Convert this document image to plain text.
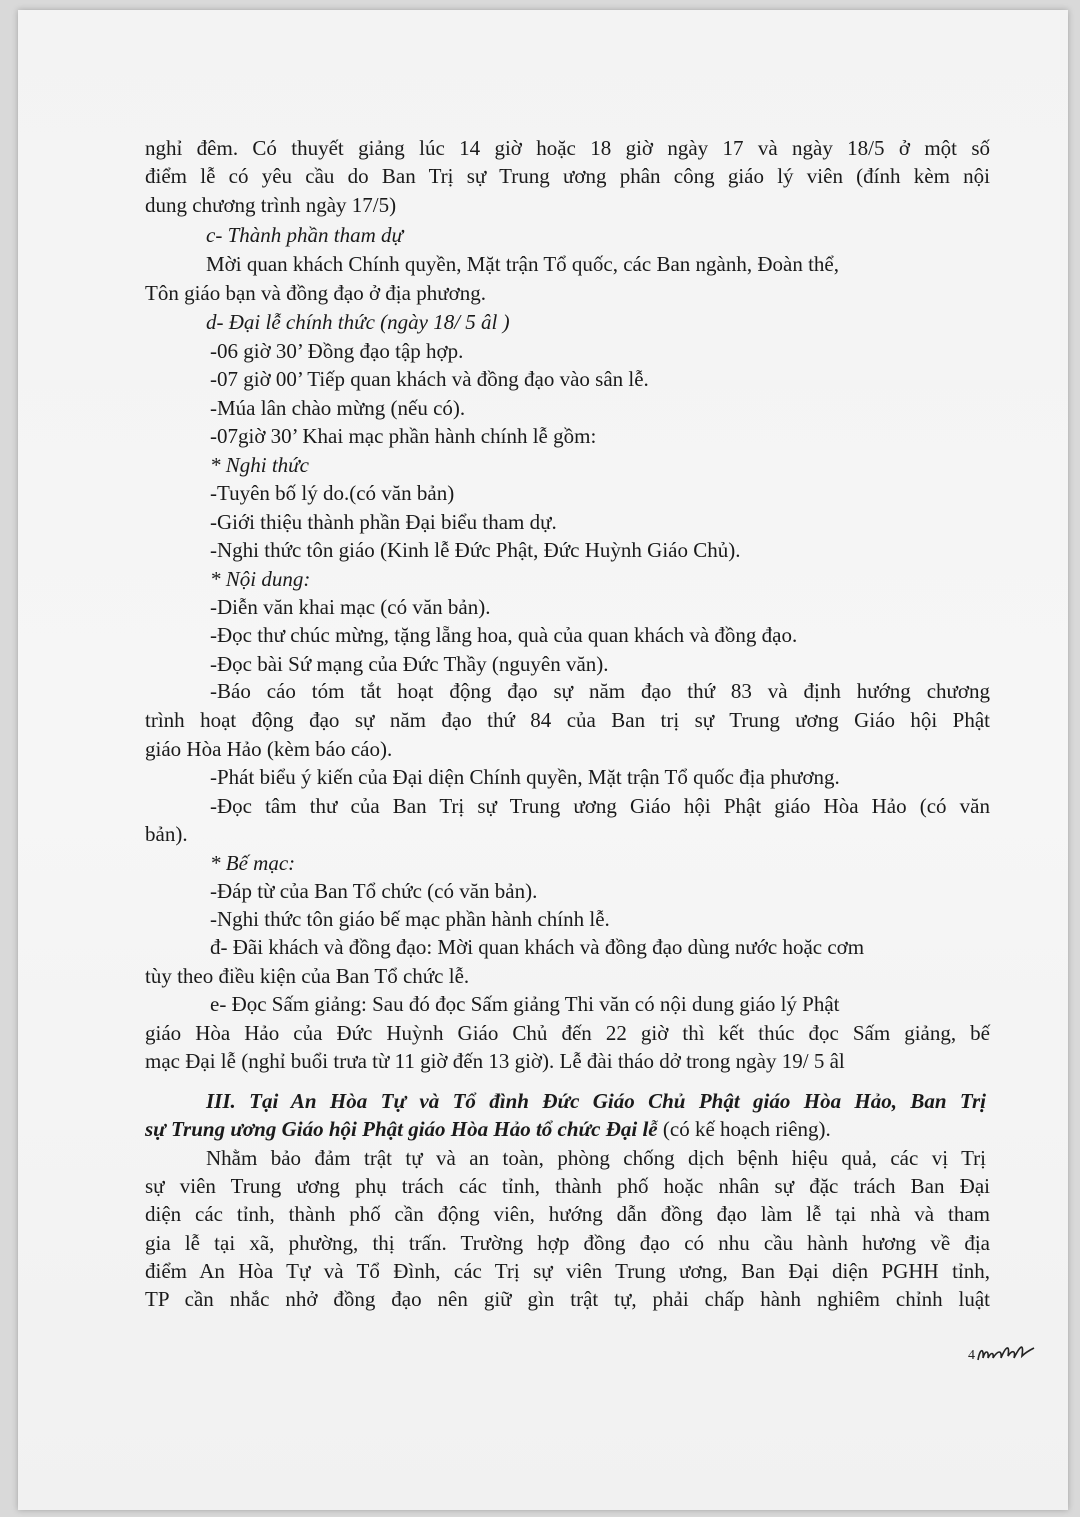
nghỉ đêm. Có thuyết giảng lúc 14 giờ hoặc 18 giờ ngày 17 và ngày 18/5 ở một số
điểm lễ có yêu cầu do Ban Trị sự Trung ương phân công giáo lý viên (đính kèm nội
dung chương trình ngày 17/5)
c- Thành phần tham dự
Mời quan khách Chính quyền, Mặt trận Tổ quốc, các Ban ngành, Đoàn thể,
Tôn giáo bạn và đồng đạo ở địa phương.
d- Đại lễ chính thức (ngày 18/ 5 âl )
-06 giờ 30’ Đồng đạo tập hợp.
-07 giờ 00’ Tiếp quan khách và đồng đạo vào sân lễ.
-Múa lân chào mừng (nếu có).
-07giờ 30’ Khai mạc phần hành chính lễ gồm:
* Nghi thức
-Tuyên bố lý do.(có văn bản)
-Giới thiệu thành phần Đại biểu tham dự.
-Nghi thức tôn giáo (Kinh lễ Đức Phật, Đức Huỳnh Giáo Chủ).
* Nội dung:
-Diễn văn khai mạc (có văn bản).
-Đọc thư chúc mừng, tặng lẵng hoa, quà của quan khách và đồng đạo.
-Đọc bài Sứ mạng của Đức Thầy (nguyên văn).
-Báo cáo tóm tắt hoạt động đạo sự năm đạo thứ 83 và định hướng chương
trình hoạt động đạo sự năm đạo thứ 84 của Ban trị sự Trung ương Giáo hội Phật
giáo Hòa Hảo (kèm báo cáo).
-Phát biểu ý kiến của Đại diện Chính quyền, Mặt trận Tổ quốc địa phương.
-Đọc tâm thư của Ban Trị sự Trung ương Giáo hội Phật giáo Hòa Hảo (có văn
bản).
* Bế mạc:
-Đáp từ của Ban Tổ chức (có văn bản).
-Nghi thức tôn giáo bế mạc phần hành chính lễ.
đ- Đãi khách và đồng đạo: Mời quan khách và đồng đạo dùng nước hoặc cơm
tùy theo điều kiện của Ban Tổ chức lễ.
e- Đọc Sấm giảng: Sau đó đọc Sấm giảng Thi văn có nội dung giáo lý Phật
giáo Hòa Hảo của Đức Huỳnh Giáo Chủ đến 22 giờ thì kết thúc đọc Sấm giảng, bế
mạc Đại lễ (nghỉ buổi trưa từ 11 giờ đến 13 giờ). Lễ đài tháo dở trong ngày 19/ 5 âl
III. Tại An Hòa Tự và Tổ đình Đức Giáo Chủ Phật giáo Hòa Hảo, Ban Trị
sự Trung ương Giáo hội Phật giáo Hòa Hảo tổ chức Đại lễ (có kế hoạch riêng).
Nhằm bảo đảm trật tự và an toàn, phòng chống dịch bệnh hiệu quả, các vị Trị
sự viên Trung ương phụ trách các tỉnh, thành phố hoặc nhân sự đặc trách Ban Đại
diện các tỉnh, thành phố cần động viên, hướng dẫn đồng đạo làm lễ tại nhà và tham
gia lễ tại xã, phường, thị trấn. Trường hợp đồng đạo có nhu cầu hành hương về địa
điểm An Hòa Tự và Tổ Đình, các Trị sự viên Trung ương, Ban Đại diện PGHH tỉnh,
TP cần nhắc nhở đồng đạo nên giữ gìn trật tự, phải chấp hành nghiêm chỉnh luật
4
